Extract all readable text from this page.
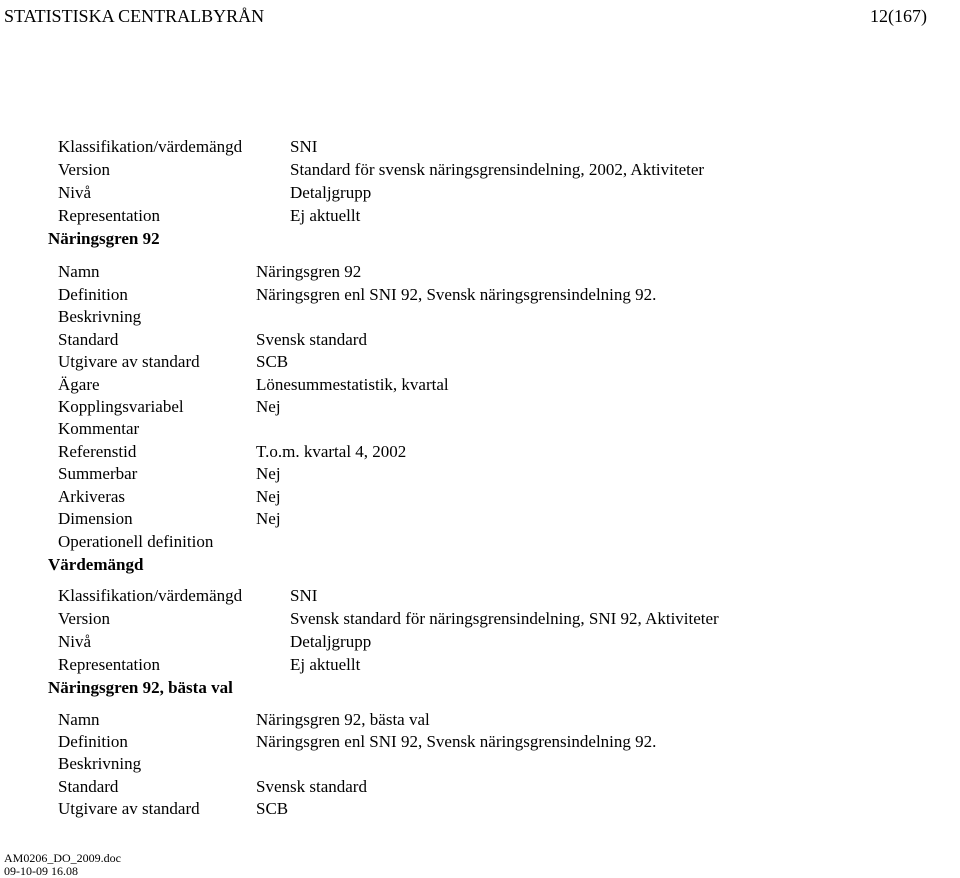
STATISTISKA CENTRALBYRÅN	12(167)
Klassifikation/värdemängd	SNI
Version	Standard för svensk näringsgrensindelning, 2002, Aktiviteter
Nivå	Detaljgrupp
Representation	Ej aktuellt
Näringsgren 92
Namn	Näringsgren 92
Definition	Näringsgren enl SNI 92, Svensk näringsgrensindelning 92.
Beskrivning
Standard	Svensk standard
Utgivare av standard	SCB
Ägare	Lönesummestatistik, kvartal
Kopplingsvariabel	Nej
Kommentar
Referenstid	T.o.m. kvartal 4, 2002
Summerbar	Nej
Arkiveras	Nej
Dimension	Nej
Operationell definition
Värdemängd
Klassifikation/värdemängd	SNI
Version	Svensk standard för näringsgrensindelning, SNI 92, Aktiviteter
Nivå	Detaljgrupp
Representation	Ej aktuellt
Näringsgren 92, bästa val
Namn	Näringsgren 92, bästa val
Definition	Näringsgren enl SNI 92, Svensk näringsgrensindelning 92.
Beskrivning
Standard	Svensk standard
Utgivare av standard	SCB
AM0206_DO_2009.doc
09-10-09 16.08
